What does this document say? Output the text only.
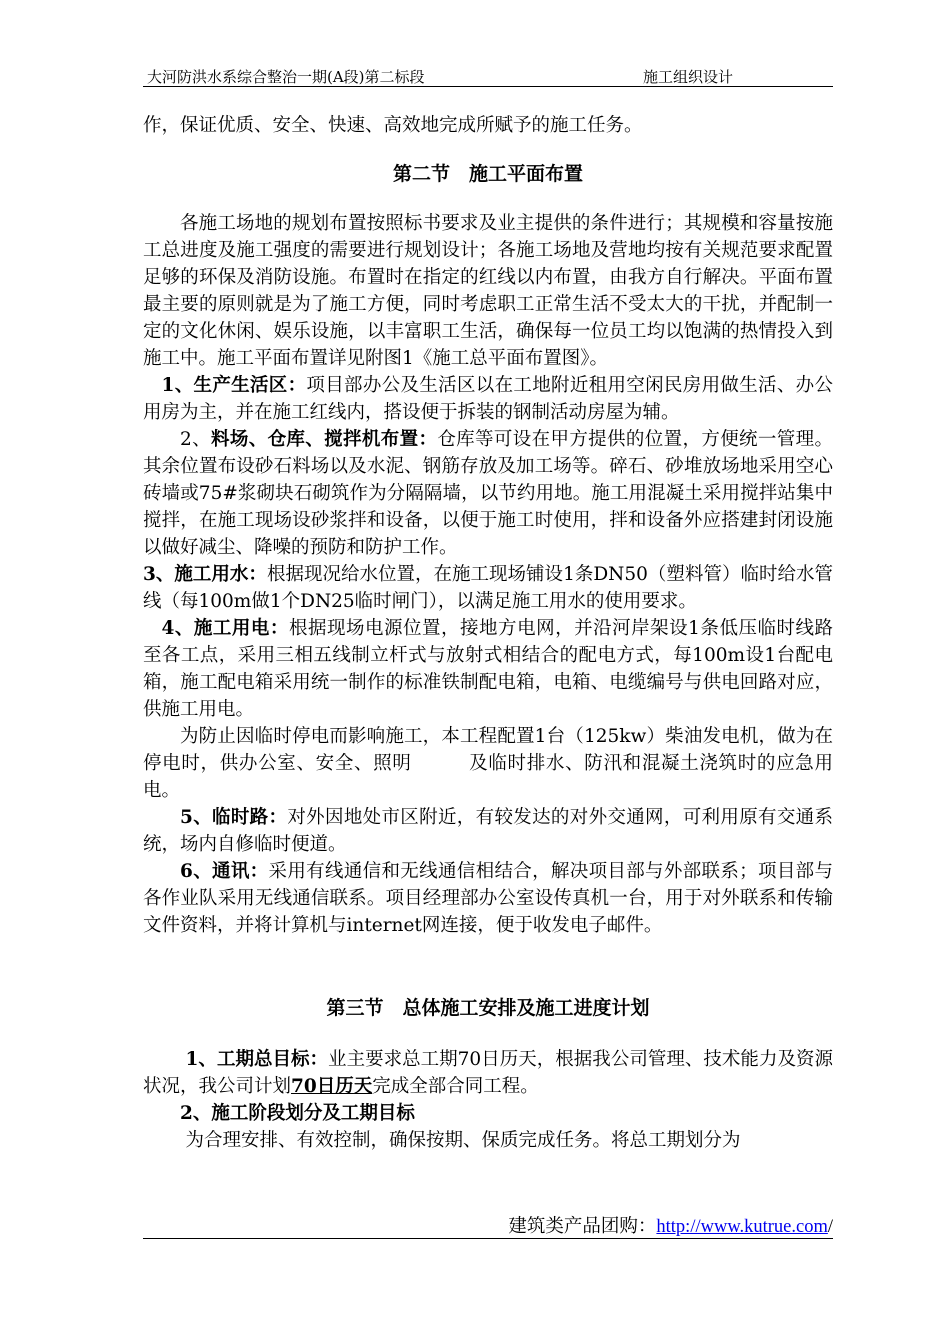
大河防洪水系综合整治一期(A段)第二标段	施工组织设计

作，保证优质、安全、快速、高效地完成所赋予的施工任务。

第二节　施工平面布置

各施工场地的规划布置按照标书要求及业主提供的条件进行；其规模和容量按施工总进度及施工强度的需要进行规划设计；各施工场地及营地均按有关规范要求配置足够的环保及消防设施。布置时在指定的红线以内布置，由我方自行解决。平面布置最主要的原则就是为了施工方便，同时考虑职工正常生活不受太大的干扰，并配制一定的文化休闲、娱乐设施，以丰富职工生活，确保每一位员工均以饱满的热情投入到施工中。施工平面布置详见附图1《施工总平面布置图》。

1、生产生活区：项目部办公及生活区以在工地附近租用空闲民房用做生活、办公用房为主，并在施工红线内，搭设便于拆装的钢制活动房屋为辅。

2、料场、仓库、搅拌机布置：仓库等可设在甲方提供的位置，方便统一管理。其余位置布设砂石料场以及水泥、钢筋存放及加工场等。碎石、砂堆放场地采用空心砖墙或75#浆砌块石砌筑作为分隔隔墙，以节约用地。施工用混凝土采用搅拌站集中搅拌，在施工现场设砂浆拌和设备，以便于施工时使用，拌和设备外应搭建封闭设施以做好减尘、降噪的预防和防护工作。

3、施工用水：根据现况给水位置，在施工现场铺设1条DN50（塑料管）临时给水管线（每100m做1个DN25临时闸门），以满足施工用水的使用要求。

4、施工用电：根据现场电源位置，接地方电网，并沿河岸架设1条低压临时线路至各工点，采用三相五线制立杆式与放射式相结合的配电方式，每100m设1台配电箱，施工配电箱采用统一制作的标准铁制配电箱，电箱、电缆编号与供电回路对应，供施工用电。

为防止因临时停电而影响施工，本工程配置1台（125kw）柴油发电机，做为在停电时，供办公室、安全、照明　　　及临时排水、防汛和混凝土浇筑时的应急用电。

5、临时路：对外因地处市区附近，有较发达的对外交通网，可利用原有交通系统，场内自修临时便道。

6、通讯：采用有线通信和无线通信相结合，解决项目部与外部联系；项目部与各作业队采用无线通信联系。项目经理部办公室设传真机一台，用于对外联系和传输文件资料，并将计算机与internet网连接，便于收发电子邮件。

第三节　总体施工安排及施工进度计划

1、工期总目标：业主要求总工期70日历天，根据我公司管理、技术能力及资源状况，我公司计划70日历天完成全部合同工程。

2、施工阶段划分及工期目标

为合理安排、有效控制，确保按期、保质完成任务。将总工期划分为

建筑类产品团购：http://www.kutrue.com/
